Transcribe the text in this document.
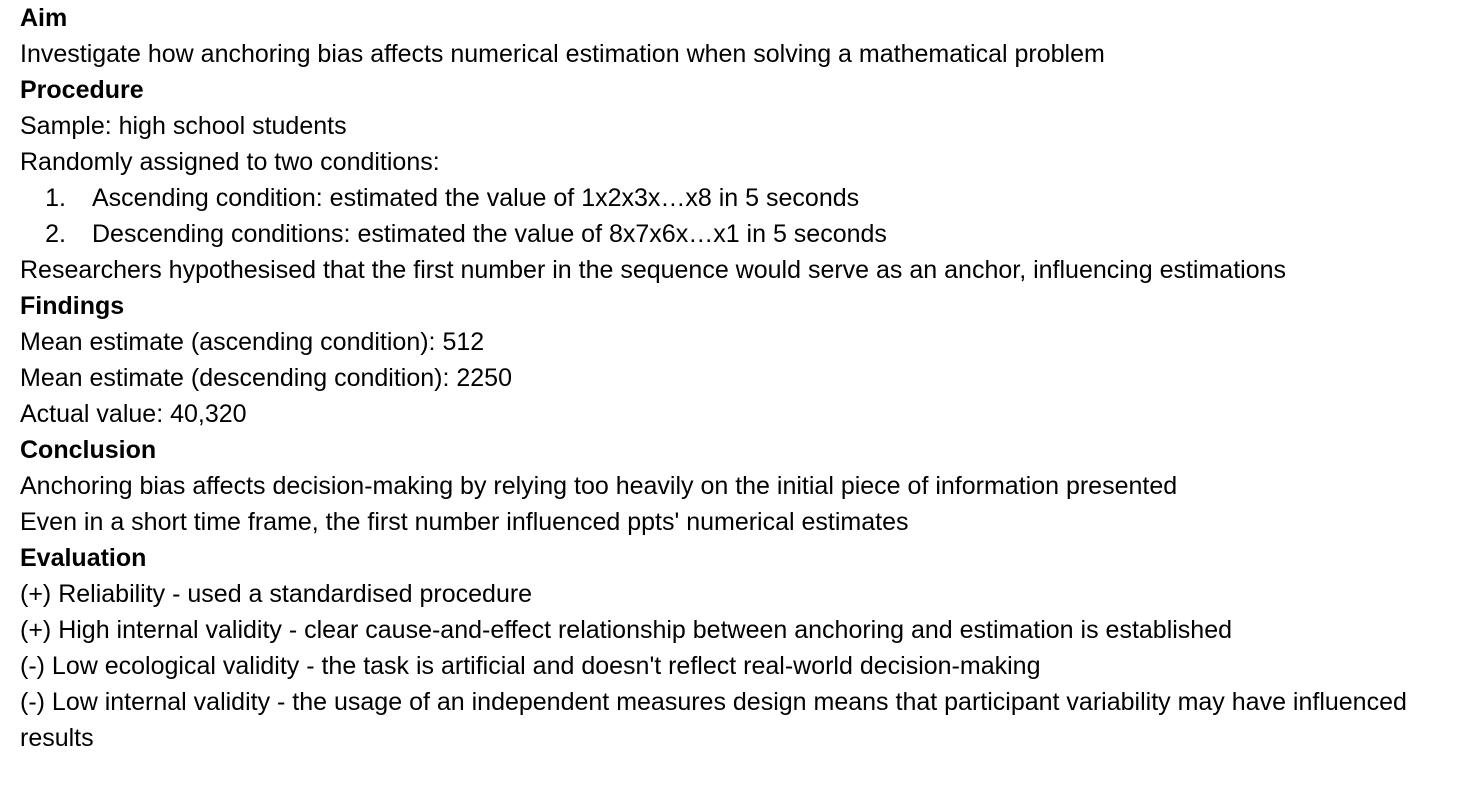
Aim
Investigate how anchoring bias affects numerical estimation when solving a mathematical problem
Procedure
Sample: high school students
Randomly assigned to two conditions:
1. Ascending condition: estimated the value of 1x2x3x…x8 in 5 seconds
2. Descending conditions: estimated the value of 8x7x6x…x1 in 5 seconds
Researchers hypothesised that the first number in the sequence would serve as an anchor, influencing estimations
Findings
Mean estimate (ascending condition): 512
Mean estimate (descending condition): 2250
Actual value: 40,320
Conclusion
Anchoring bias affects decision-making by relying too heavily on the initial piece of information presented
Even in a short time frame, the first number influenced ppts' numerical estimates
Evaluation
(+) Reliability - used a standardised procedure
(+) High internal validity - clear cause-and-effect relationship between anchoring and estimation is established
(-) Low ecological validity - the task is artificial and doesn't reflect real-world decision-making
(-) Low internal validity - the usage of an independent measures design means that participant variability may have influenced results
